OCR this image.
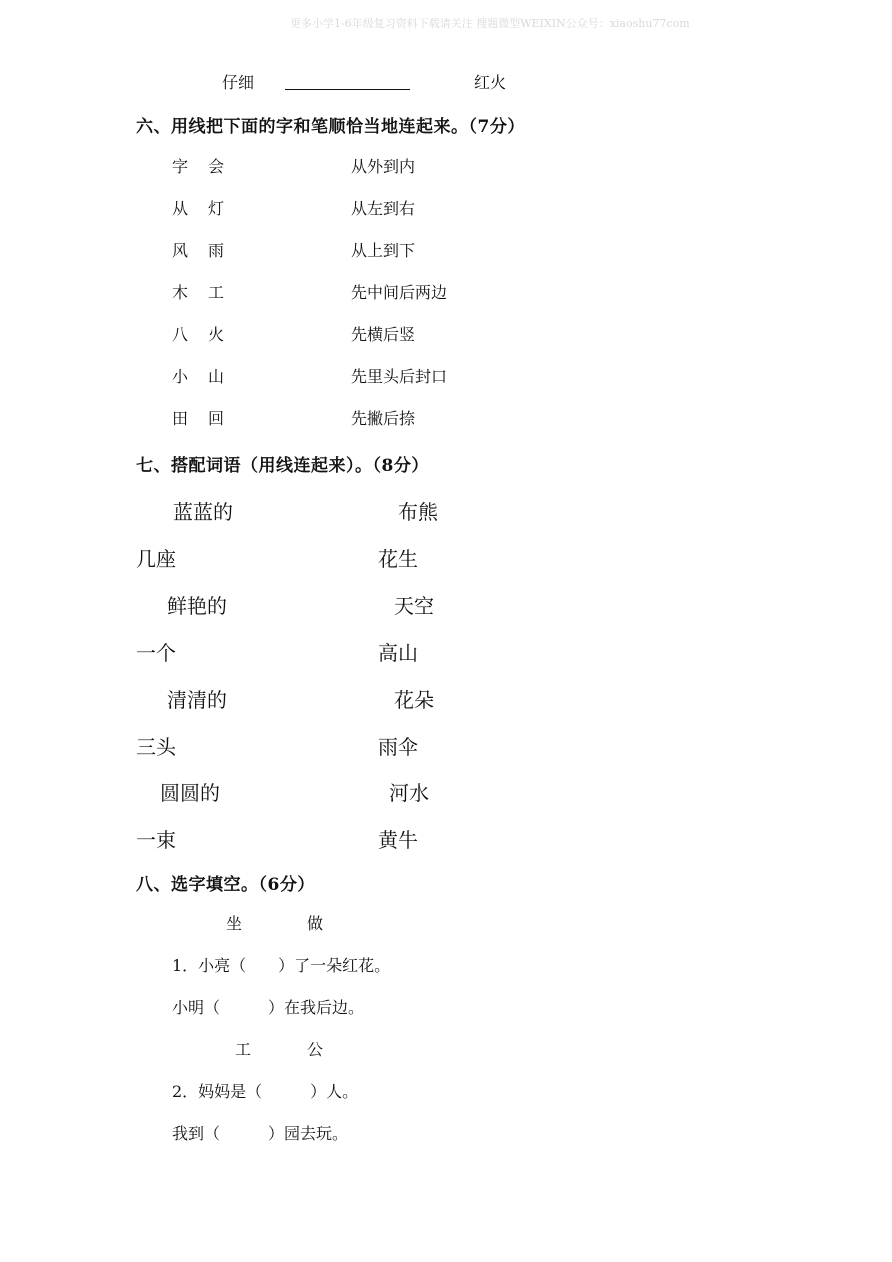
更多小学1-6年级复习资料下载请关注 搜题微型WEIXIN公众号：xiaoshu77com
仔细	红火
六、用线把下面的字和笔顺恰当地连起来。（7分）
字 会	从外到内
从 灯	从左到右
风 雨	从上到下
木 工	先中间后两边
八 火	先横后竖
小 山	先里头后封口
田 回	先撇后捺
七、搭配词语（用线连起来）。（8分）
蓝蓝的	布熊
几座	花生
鲜艳的	天空
一个	高山
清清的	花朵
三头	雨伞
圆圆的	河水
一束	黄牛
八、选字填空。（6分）
坐	做
1．小亮（　　）了一朵红花。
小明（　　　）在我后边。
工	公
2．妈妈是（　　　）人。
我到（　　　）园去玩。
